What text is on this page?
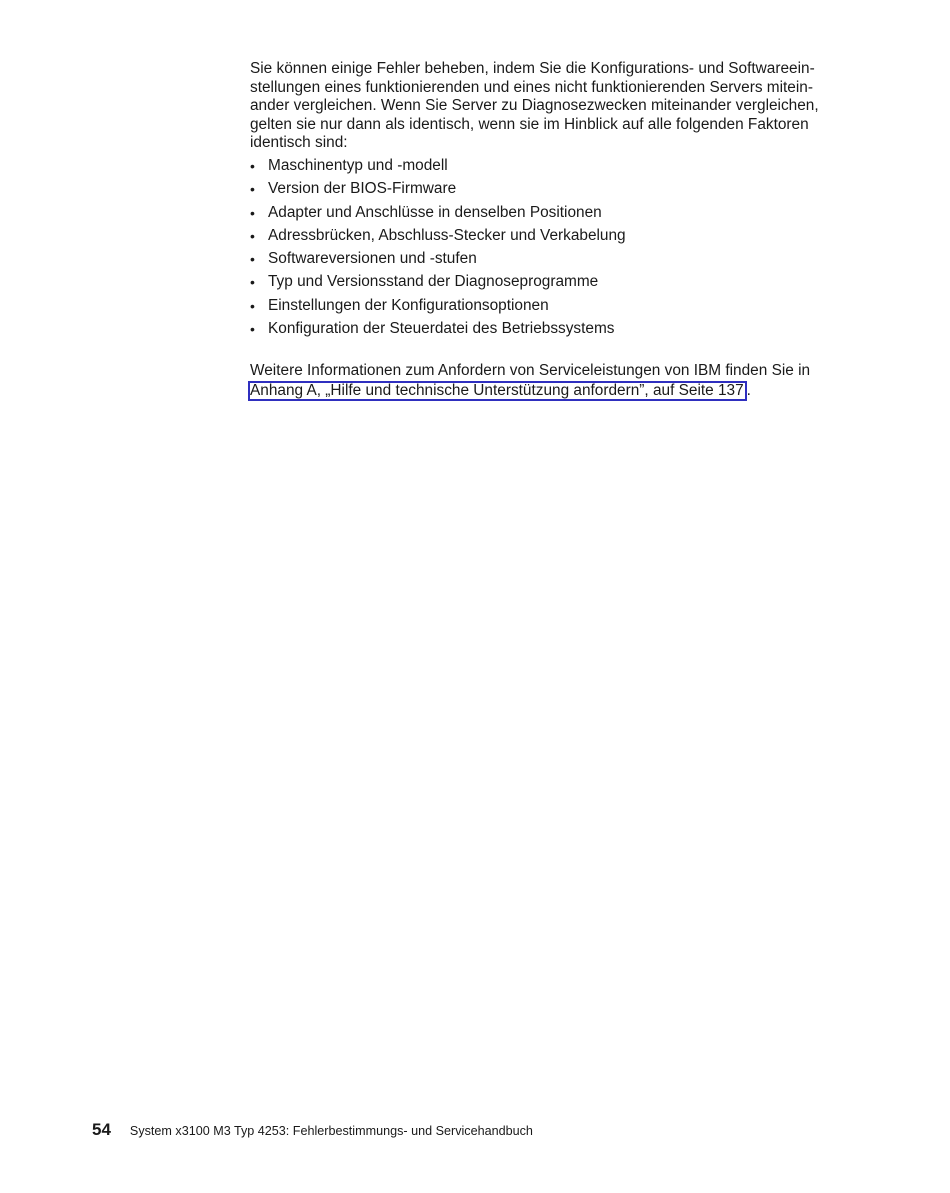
Sie können einige Fehler beheben, indem Sie die Konfigurations- und Softwareein-
stellungen eines funktionierenden und eines nicht funktionierenden Servers mitein-
ander vergleichen. Wenn Sie Server zu Diagnosezwecken miteinander vergleichen,
gelten sie nur dann als identisch, wenn sie im Hinblick auf alle folgenden Faktoren
identisch sind:

• Maschinentyp und -modell
• Version der BIOS-Firmware
• Adapter und Anschlüsse in denselben Positionen
• Adressbrücken, Abschluss-Stecker und Verkabelung
• Softwareversionen und -stufen
• Typ und Versionsstand der Diagnoseprogramme
• Einstellungen der Konfigurationsoptionen
• Konfiguration der Steuerdatei des Betriebssystems

Weitere Informationen zum Anfordern von Serviceleistungen von IBM finden Sie in
Anhang A, „Hilfe und technische Unterstützung anfordern”, auf Seite 137 .

54 System x3100 M3 Typ 4253: Fehlerbestimmungs- und Servicehandbuch
